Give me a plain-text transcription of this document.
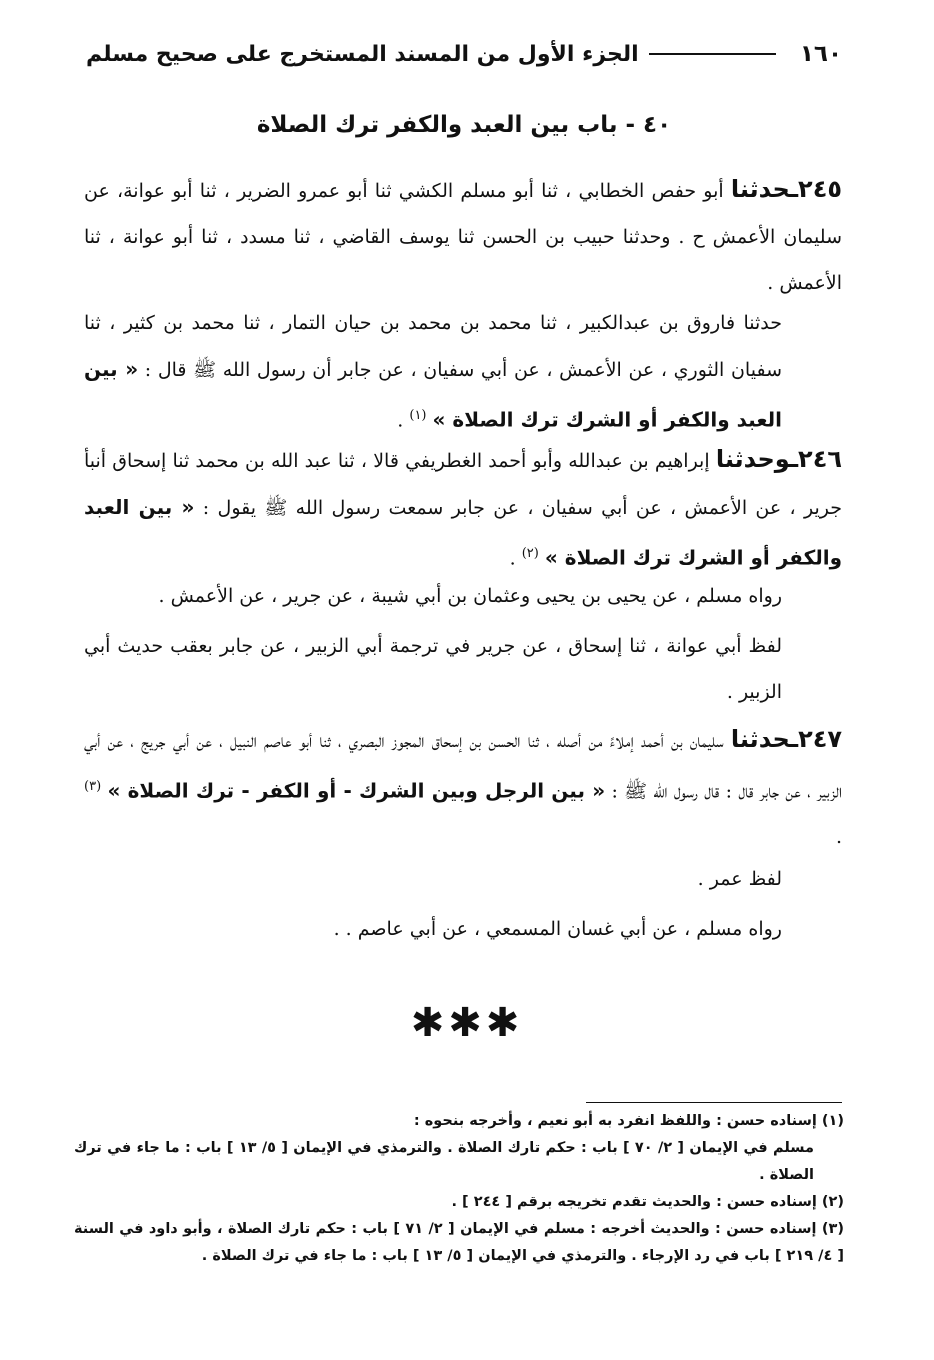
١٦٠
الجزء الأول من المسند المستخرج على صحيح مسلم
٤٠ - باب بين العبد والكفر ترك الصلاة
٢٤٥ـحدثنا أبو حفص الخطابي ، ثنا أبو مسلم الكشي ثنا أبو عمرو الضرير ، ثنا أبو عوانة، عن سليمان الأعمش ح . وحدثنا حبيب بن الحسن ثنا يوسف القاضي ، ثنا مسدد ، ثنا أبو عوانة ، ثنا الأعمش .
حدثنا فاروق بن عبدالكبير ، ثنا محمد بن محمد بن حيان التمار ، ثنا محمد بن كثير ، ثنا سفيان الثوري ، عن الأعمش ، عن أبي سفيان ، عن جابر أن رسول الله ﷺ قال : « بين العبد والكفر أو الشرك ترك الصلاة » $^{(١)}$ .
٢٤٦ـوحدثنا إبراهيم بن عبدالله وأبو أحمد الغطريفي قالا ، ثنا عبد الله بن محمد ثنا إسحاق أنبأ جرير ، عن الأعمش ، عن أبي سفيان ، عن جابر سمعت رسول الله ﷺ يقول : « بين العبد والكفر أو الشرك ترك الصلاة » $^{(٢)}$ .
رواه مسلم ، عن يحيى بن يحيى وعثمان بن أبي شيبة ، عن جرير ، عن الأعمش .
لفظ أبي عوانة ، ثنا إسحاق ، عن جرير في ترجمة أبي الزبير ، عن جابر بعقب حديث أبي الزبير .
٢٤٧ـحدثنا سليمان بن أحمد إملاءً من أصله ، ثنا الحسن بن إسحاق المجوز البصري ، ثنا أبو عاصم النبيل ، عن أبي جريج ، عن أبي الزبير ، عن جابر قال : قال رسول الله ﷺ : « بين الرجل وبين الشرك - أو الكفر - ترك الصلاة » $^{(٣)}$ .
لفظ عمر .
رواه مسلم ، عن أبي غسان المسمعي ، عن أبي عاصم . .
✱✱✱
(١) إسناده حسن : واللفظ انفرد به أبو نعيم ، وأخرجه بنحوه :
مسلم في الإيمان [ ٢/ ٧٠ ] باب : حكم تارك الصلاة . والترمذي في الإيمان [ ٥/ ١٣ ] باب : ما جاء في ترك الصلاة .
(٢) إسناده حسن : والحديث تقدم تخريجه برقم [ ٢٤٤ ] .
(٣) إسناده حسن : والحديث أخرجه : مسلم في الإيمان [ ٢/ ٧١ ] باب : حكم تارك الصلاة ، وأبو داود في السنة [ ٤/ ٢١٩ ] باب في رد الإرجاء . والترمذي في الإيمان [ ٥/ ١٣ ] باب : ما جاء في ترك الصلاة .
